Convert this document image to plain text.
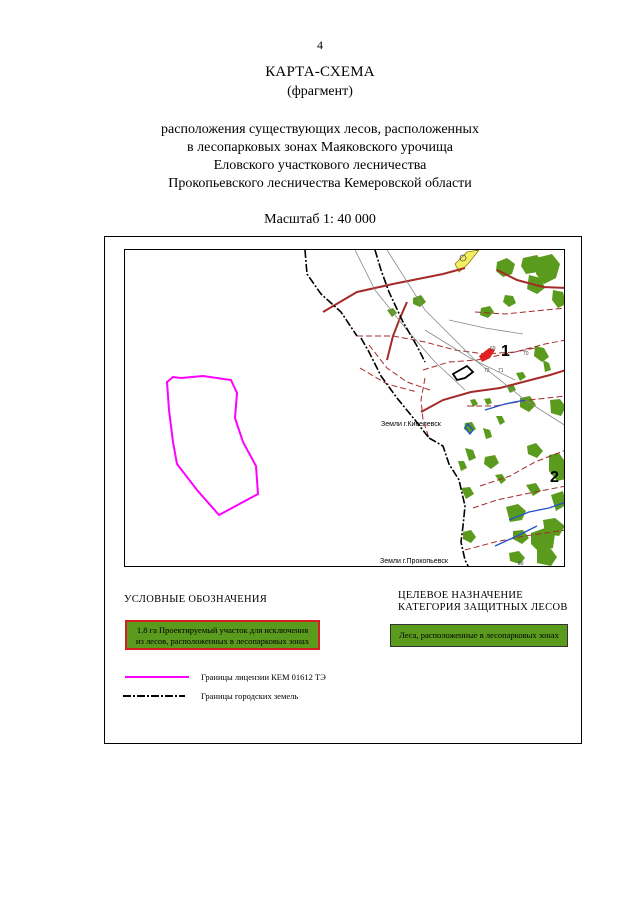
4
КАРТА-СХЕМА
(фрагмент)
расположения существующих лесов, расположенных
в лесопарковых зонах Маяковского урочища
Еловского участкового лесничества
Прокопьевского лесничества Кемеровской области
Масштаб 1: 40 000
Земли г.Киселевск
Земли г.Прокопьевск
1
2
69
70
71
72
89
УСЛОВНЫЕ ОБОЗНАЧЕНИЯ	ЦЕЛЕВОЕ НАЗНАЧЕНИЕ
КАТЕГОРИЯ ЗАЩИТНЫХ ЛЕСОВ
1.8 га Проектируемый участок для исключения
из лесов, расположенных в лесопарковых зонах
Леса, расположенные в лесопарковых зонах
Границы лицензии КЕМ 01612 ТЭ
Границы городских земель
